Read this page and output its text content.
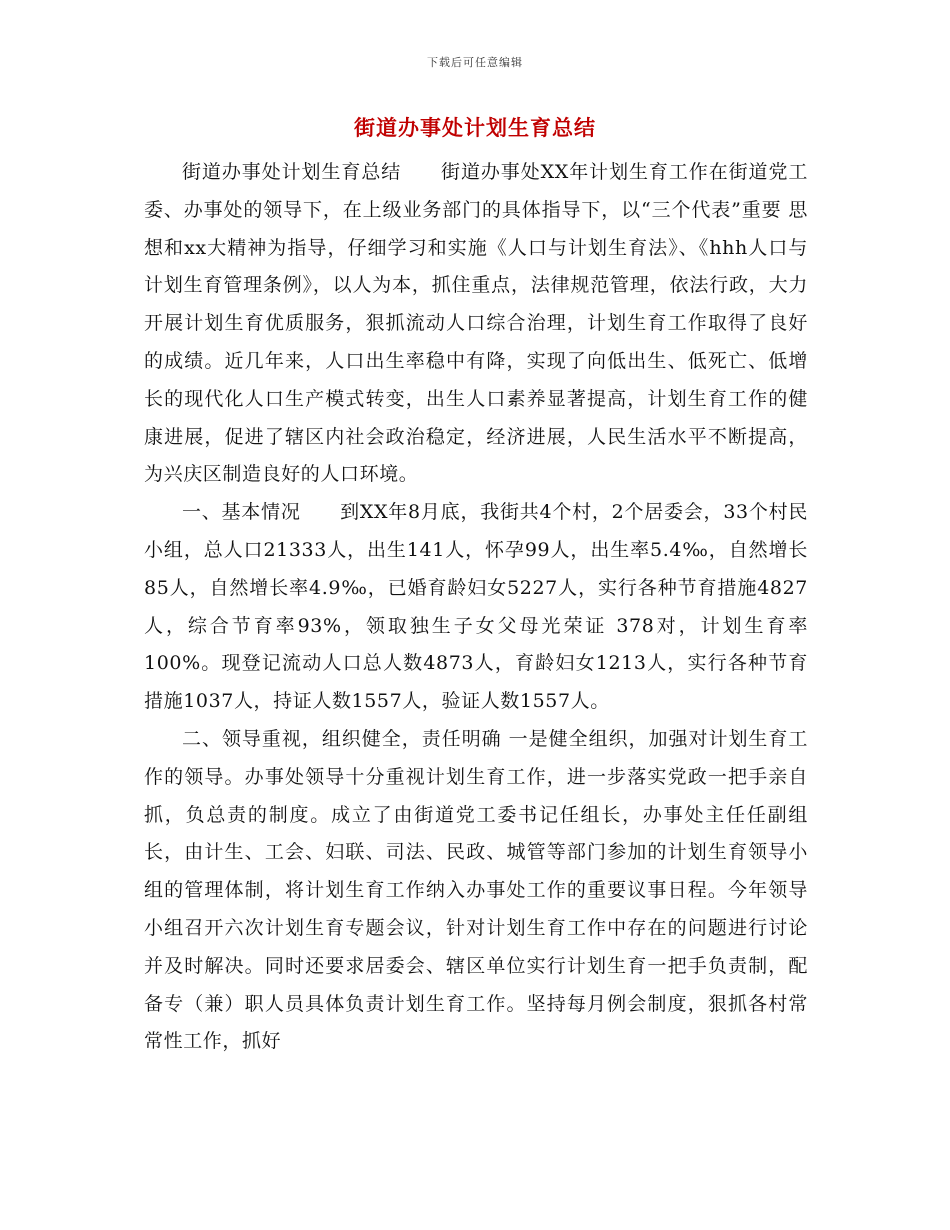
下载后可任意编辑
街道办事处计划生育总结

街道办事处计划生育总结　　街道办事处XX年计划生育工作在街道党工委、办事处的领导下，在上级业务部门的具体指导下，以“三个代表”重要 思想和xx大精神为指导，仔细学习和实施《人口与计划生育法》、《hhh人口与计划生育管理条例》，以人为本，抓住重点，法律规范管理，依法行政，大力开展计划生育优质服务，狠抓流动人口综合治理，计划生育工作取得了良好的成绩。近几年来，人口出生率稳中有降，实现了向低出生、低死亡、低增长的现代化人口生产模式转变，出生人口素养显著提高，计划生育工作的健康进展，促进了辖区内社会政治稳定，经济进展，人民生活水平不断提高，为兴庆区制造良好的人口环境。

一、基本情况　　到XX年8月底，我街共4个村，2个居委会，33个村民小组，总人口21333人，出生141人，怀孕99人，出生率5.4‰，自然增长85人，自然增长率4.9‰，已婚育龄妇女5227人，实行各种节育措施4827人，综合节育率93%，领取独生子女父母光荣证 378对，计划生育率100%。现登记流动人口总人数4873人，育龄妇女1213人，实行各种节育措施1037人，持证人数1557人，验证人数1557人。

二、领导重视，组织健全，责任明确 一是健全组织，加强对计划生育工作的领导。办事处领导十分重视计划生育工作，进一步落实党政一把手亲自抓，负总责的制度。成立了由街道党工委书记任组长，办事处主任任副组长，由计生、工会、妇联、司法、民政、城管等部门参加的计划生育领导小组的管理体制，将计划生育工作纳入办事处工作的重要议事日程。今年领导小组召开六次计划生育专题会议，针对计划生育工作中存在的问题进行讨论并及时解决。同时还要求居委会、辖区单位实行计划生育一把手负责制，配备专（兼）职人员具体负责计划生育工作。坚持每月例会制度，狠抓各村常常性工作，抓好
